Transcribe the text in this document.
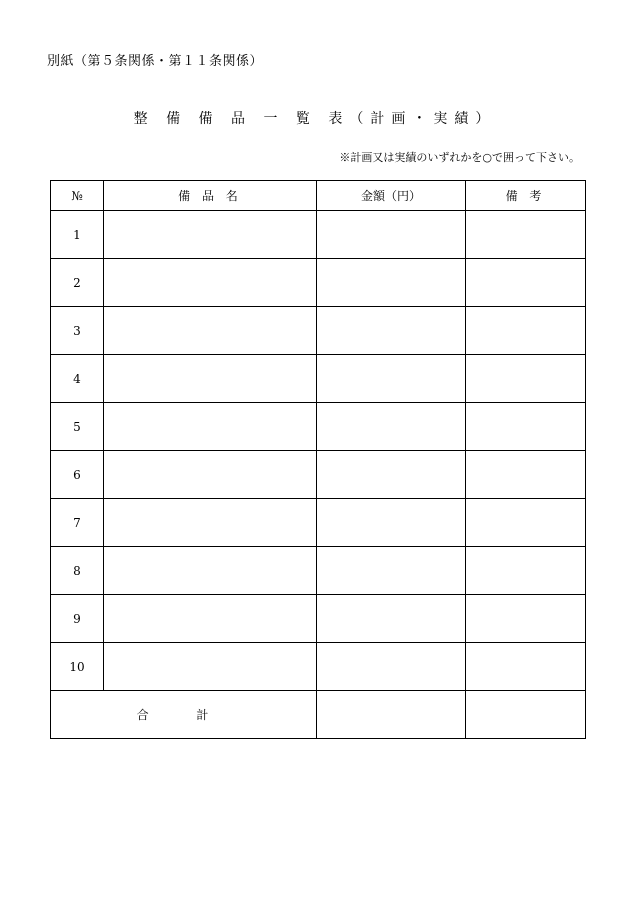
別紙（第５条関係・第１１条関係）
整 備 備 品 一 覧 表（計画・実績）
※計画又は実績のいずれかを○で囲って下さい。
№	備 品 名	金額（円）	備 考
1			
2			
3			
4			
5			
6			
7			
8			
9			
10			
合 計			
